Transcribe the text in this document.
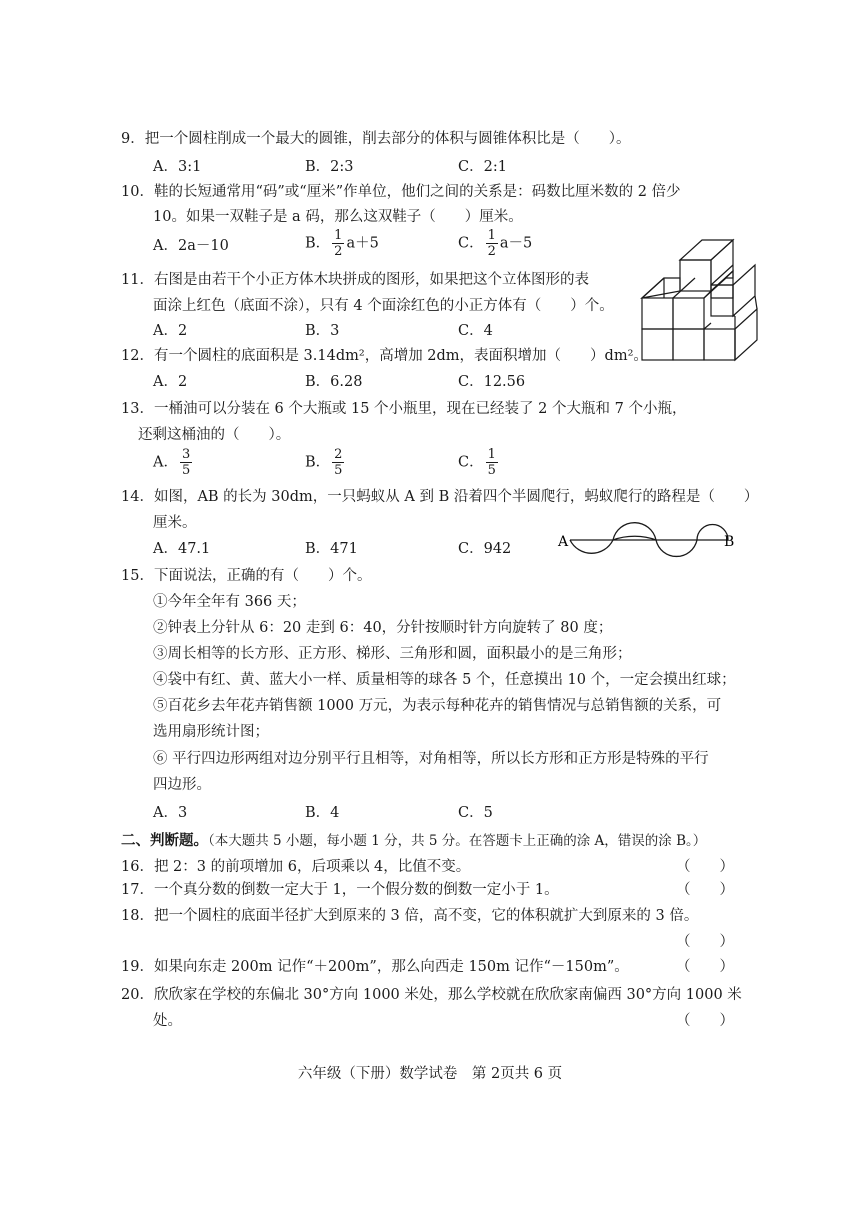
9．把一个圆柱削成一个最大的圆锥，削去部分的体积与圆锥体积比是（　　）。
A．3:1	B．2:3	C．2:1
10．鞋的长短通常用“码”或“厘米”作单位，他们之间的关系是：码数比厘米数的 2 倍少
10。如果一双鞋子是 a 码，那么这双鞋子（　　）厘米。
A．2a－10	B． $\frac{1}{2} a+5$	C． $\frac{1}{2} a-5$
11．右图是由若干个小正方体木块拼成的图形，如果把这个立体图形的表
面涂上红色（底面不涂），只有 4 个面涂红色的小正方体有（　　）个。
A．2	B．3	C．4
12．有一个圆柱的底面积是 3.14dm²，高增加 2dm，表面积增加（　　）dm²。
A．2	B．6.28	C．12.56
13．一桶油可以分装在 6 个大瓶或 15 个小瓶里，现在已经装了 2 个大瓶和 7 个小瓶，
还剩这桶油的（　　）。
A． $\frac{3}{5}$	B． $\frac{2}{5}$	C． $\frac{1}{5}$
14．如图，AB 的长为 30dm，一只蚂蚁从 A 到 B 沿着四个半圆爬行，蚂蚁爬行的路程是（　　）
厘米。
A．47.1	B．471	C．942	A	B
15．下面说法，正确的有（　　）个。
①今年全年有 366 天；
②钟表上分针从 6：20 走到 6：40，分针按顺时针方向旋转了 80 度；
③周长相等的长方形、正方形、梯形、三角形和圆，面积最小的是三角形；
④袋中有红、黄、蓝大小一样、质量相等的球各 5 个，任意摸出 10 个，一定会摸出红球；
⑤百花乡去年花卉销售额 1000 万元，为表示每种花卉的销售情况与总销售额的关系，可
选用扇形统计图；
⑥ 平行四边形两组对边分别平行且相等，对角相等，所以长方形和正方形是特殊的平行
四边形。
A．3	B．4	C．5
二、判断题。（本大题共 5 小题，每小题 1 分，共 5 分。在答题卡上正确的涂 A，错误的涂 B。）
16．把 2：3 的前项增加 6，后项乘以 4，比值不变。	（　　）
17．一个真分数的倒数一定大于 1，一个假分数的倒数一定小于 1。	（　　）
18．把一个圆柱的底面半径扩大到原来的 3 倍，高不变，它的体积就扩大到原来的 3 倍。
（　　）
19．如果向东走 200m 记作“＋200m”，那么向西走 150m 记作“－150m”。	（　　）
20．欣欣家在学校的东偏北 30°方向 1000 米处，那么学校就在欣欣家南偏西 30°方向 1000 米
处。	（　　）
六年级（下册）数学试卷　第 2页共 6 页
